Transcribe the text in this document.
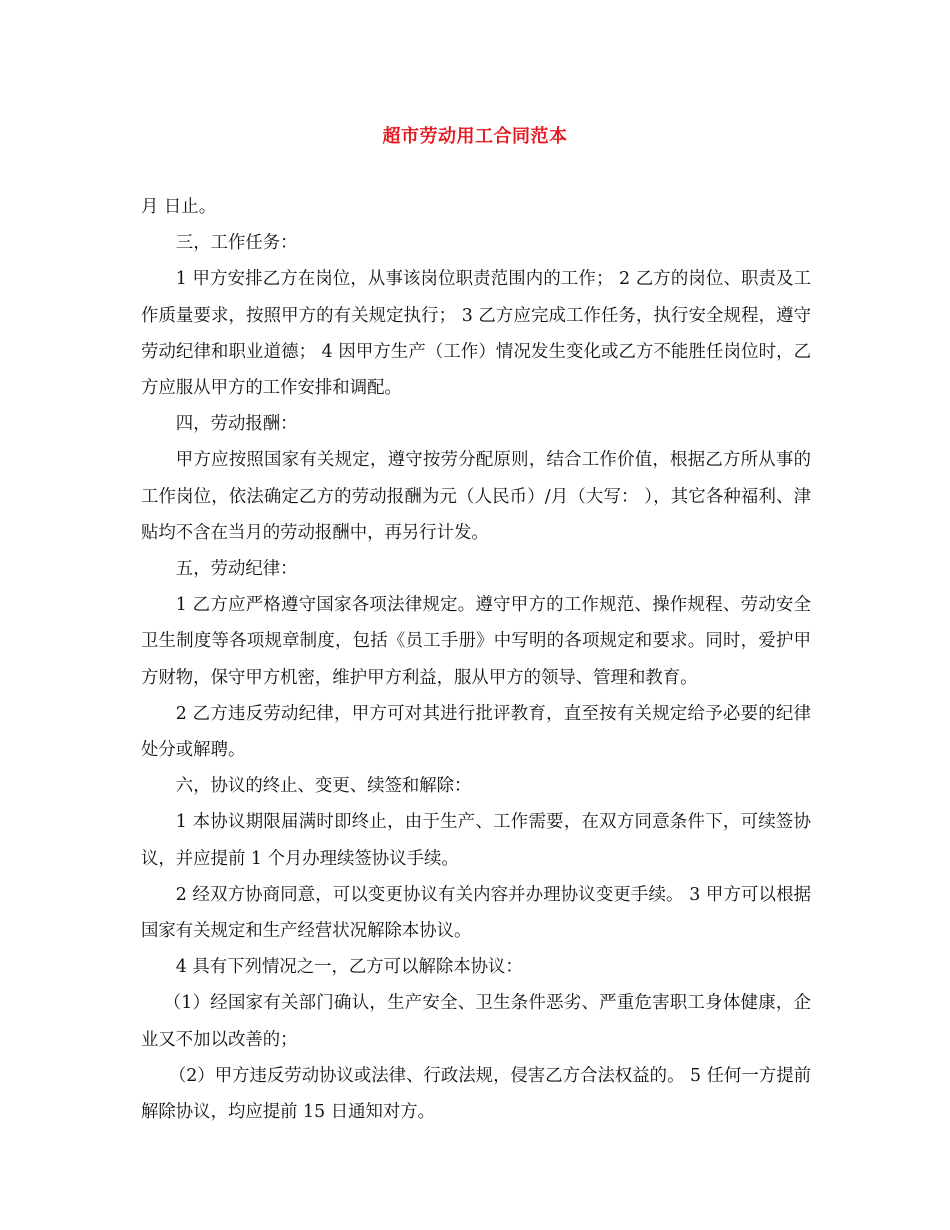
超市劳动用工合同范本

月 日止。

三，工作任务：

1 甲方安排乙方在岗位，从事该岗位职责范围内的工作； 2 乙方的岗位、职责及工作质量要求，按照甲方的有关规定执行； 3 乙方应完成工作任务，执行安全规程，遵守劳动纪律和职业道德； 4 因甲方生产（工作）情况发生变化或乙方不能胜任岗位时，乙方应服从甲方的工作安排和调配。

四，劳动报酬：

甲方应按照国家有关规定，遵守按劳分配原则，结合工作价值，根据乙方所从事的工作岗位，依法确定乙方的劳动报酬为元（人民币）/月（大写： ），其它各种福利、津贴均不含在当月的劳动报酬中，再另行计发。

五，劳动纪律：

1 乙方应严格遵守国家各项法律规定。遵守甲方的工作规范、操作规程、劳动安全卫生制度等各项规章制度，包括《员工手册》中写明的各项规定和要求。同时，爱护甲方财物，保守甲方机密，维护甲方利益，服从甲方的领导、管理和教育。

2 乙方违反劳动纪律，甲方可对其进行批评教育，直至按有关规定给予必要的纪律处分或解聘。

六，协议的终止、变更、续签和解除：

1 本协议期限届满时即终止，由于生产、工作需要，在双方同意条件下，可续签协议，并应提前 1 个月办理续签协议手续。

2 经双方协商同意，可以变更协议有关内容并办理协议变更手续。 3 甲方可以根据国家有关规定和生产经营状况解除本协议。

4 具有下列情况之一，乙方可以解除本协议：

（1）经国家有关部门确认，生产安全、卫生条件恶劣、严重危害职工身体健康，企业又不加以改善的；

（2）甲方违反劳动协议或法律、行政法规，侵害乙方合法权益的。 5 任何一方提前解除协议，均应提前 15 日通知对方。
